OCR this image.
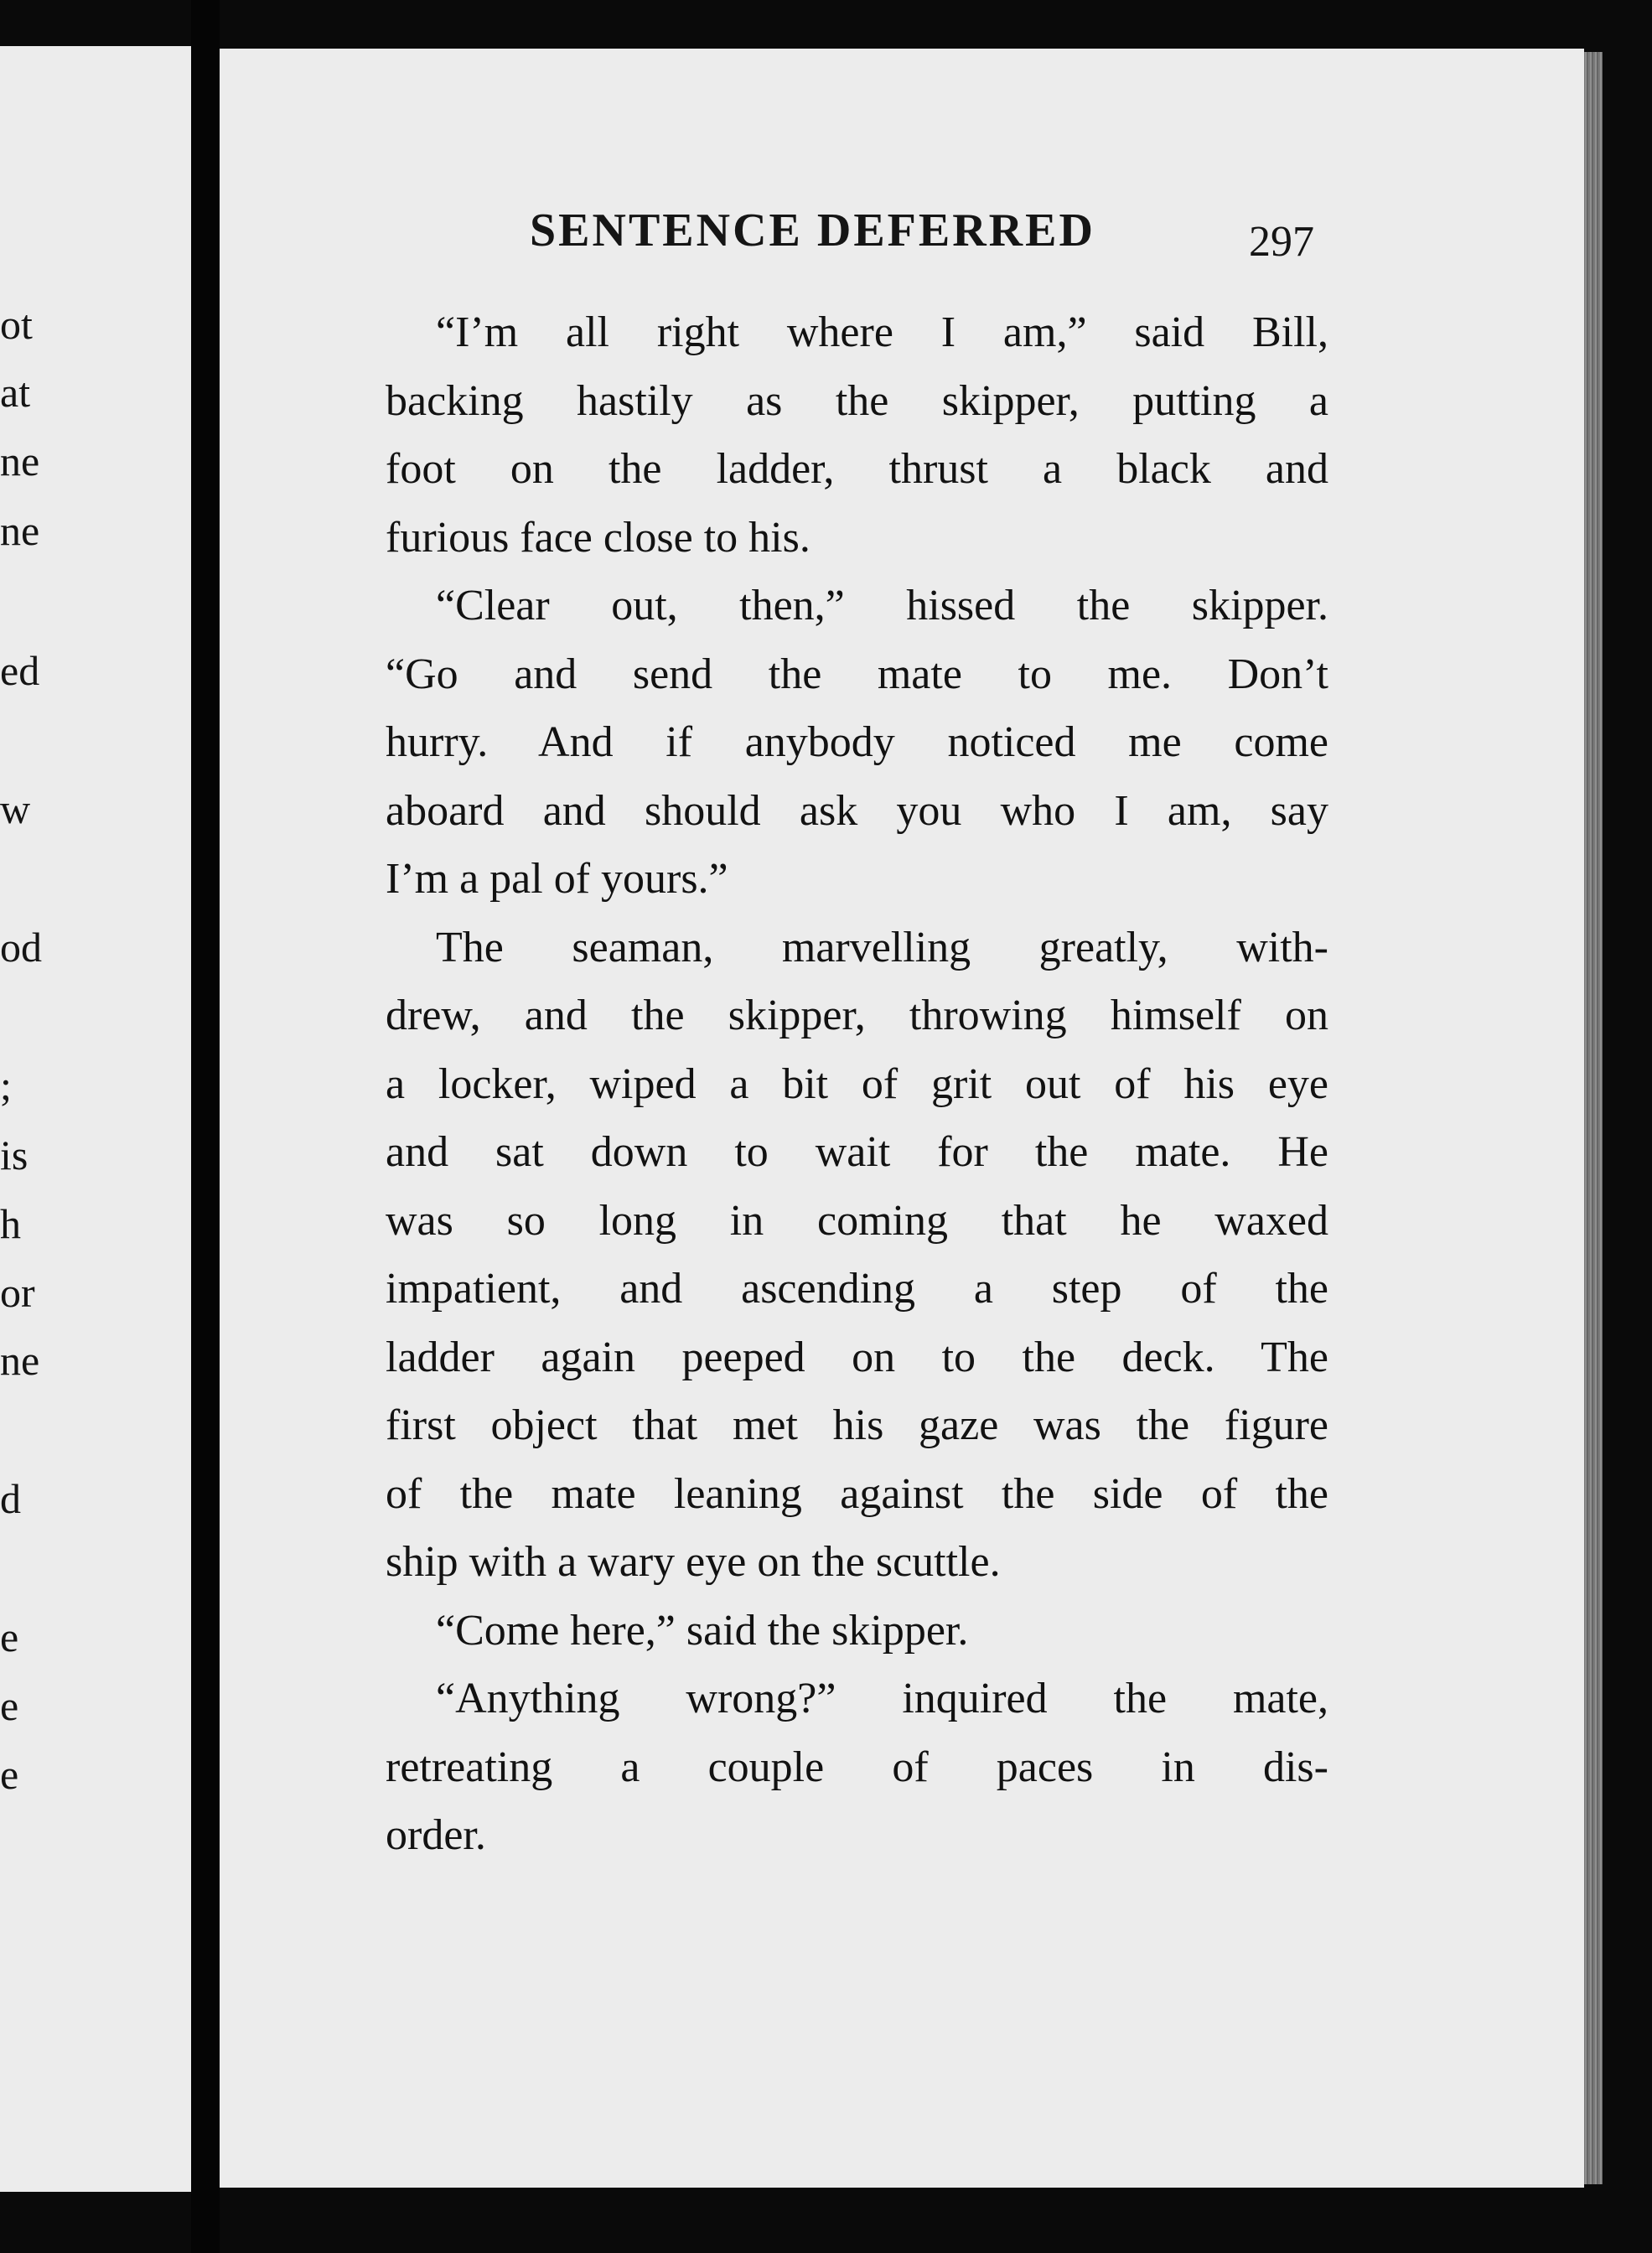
ot
at
ne
ne
ed
w
od
;
is
h
or
ne
d
e
e
e
SENTENCE DEFERRED	297
“I’m all right where I am,” said Bill,
backing hastily as the skipper, putting a
foot on the ladder, thrust a black and
furious face close to his.
“Clear out, then,” hissed the skipper.
“Go and send the mate to me. Don’t
hurry. And if anybody noticed me come
aboard and should ask you who I am, say
I’m a pal of yours.”
The seaman, marvelling greatly, with-
drew, and the skipper, throwing himself on
a locker, wiped a bit of grit out of his eye
and sat down to wait for the mate. He
was so long in coming that he waxed
impatient, and ascending a step of the
ladder again peeped on to the deck. The
first object that met his gaze was the figure
of the mate leaning against the side of the
ship with a wary eye on the scuttle.
“Come here,” said the skipper.
“Anything wrong?” inquired the mate,
retreating a couple of paces in dis-
order.
